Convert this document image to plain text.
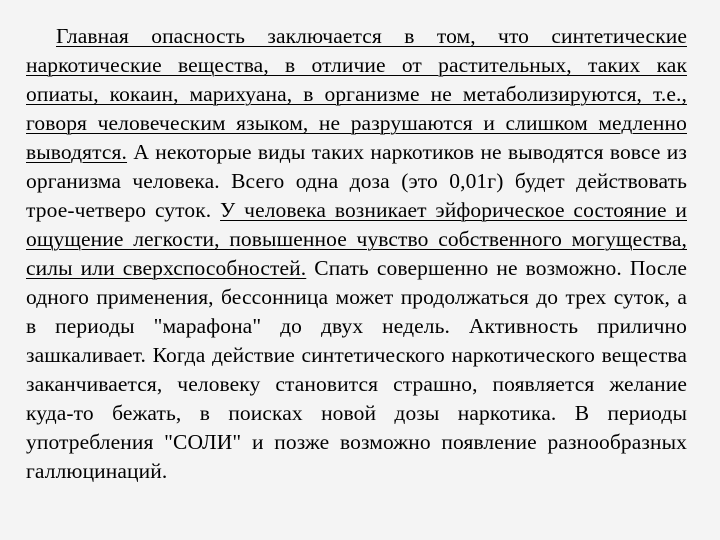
Главная опасность заключается в том, что синтетические наркотические вещества, в отличие от растительных, таких как опиаты, кокаин, марихуана, в организме не метаболизируются, т.е., говоря человеческим языком, не разрушаются и слишком медленно выводятся. А некоторые виды таких наркотиков не выводятся вовсе из организма человека. Всего одна доза (это 0,01г) будет действовать трое-четверо суток. У человека возникает эйфорическое состояние и ощущение легкости, повышенное чувство собственного могущества, силы или сверхспособностей. Спать совершенно не возможно. После одного применения, бессонница может продолжаться до трех суток, а в периоды "марафона" до двух недель. Активность прилично зашкаливает. Когда действие синтетического наркотического вещества заканчивается, человеку становится страшно, появляется желание куда-то бежать, в поисках новой дозы наркотика. В периоды употребления "СОЛИ" и позже возможно появление разнообразных галлюцинаций.
